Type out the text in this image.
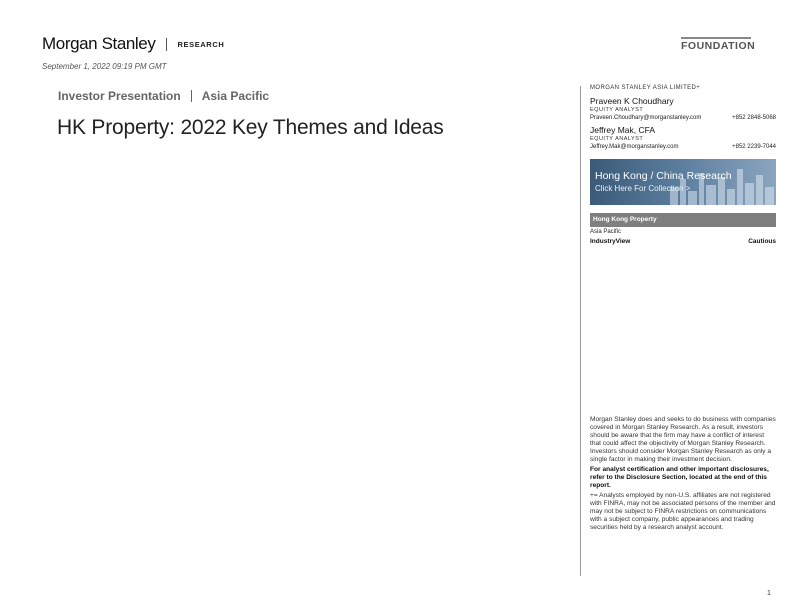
Morgan Stanley	RESEARCH
September 1, 2022 09:19 PM GMT
FOUNDATION
Investor Presentation Asia Pacific
HK Property: 2022 Key Themes and Ideas
MORGAN STANLEY ASIA LIMITED+
Praveen K Choudhary
EQUITY ANALYST
Praveen.Choudhary@morganstanley.com	+852 2848-5068
Jeffrey Mak, CFA
EQUITY ANALYST
Jeffrey.Mak@morganstanley.com	+852 2239-7044
Hong Kong / China Research
Click Here For Collection >
Hong Kong Property
Asia Pacific
IndustryView	Cautious

Morgan Stanley does and seeks to do business with companies covered in Morgan Stanley Research. As a result, investors should be aware that the firm may have a conflict of interest that could affect the objectivity of Morgan Stanley Research. Investors should consider Morgan Stanley Research as only a single factor in making their investment decision.

For analyst certification and other important disclosures, refer to the Disclosure Section, located at the end of this report.

+= Analysts employed by non-U.S. affiliates are not registered with FINRA, may not be associated persons of the member and may not be subject to FINRA restrictions on communications with a subject company, public appearances and trading securities held by a research analyst account.

1
